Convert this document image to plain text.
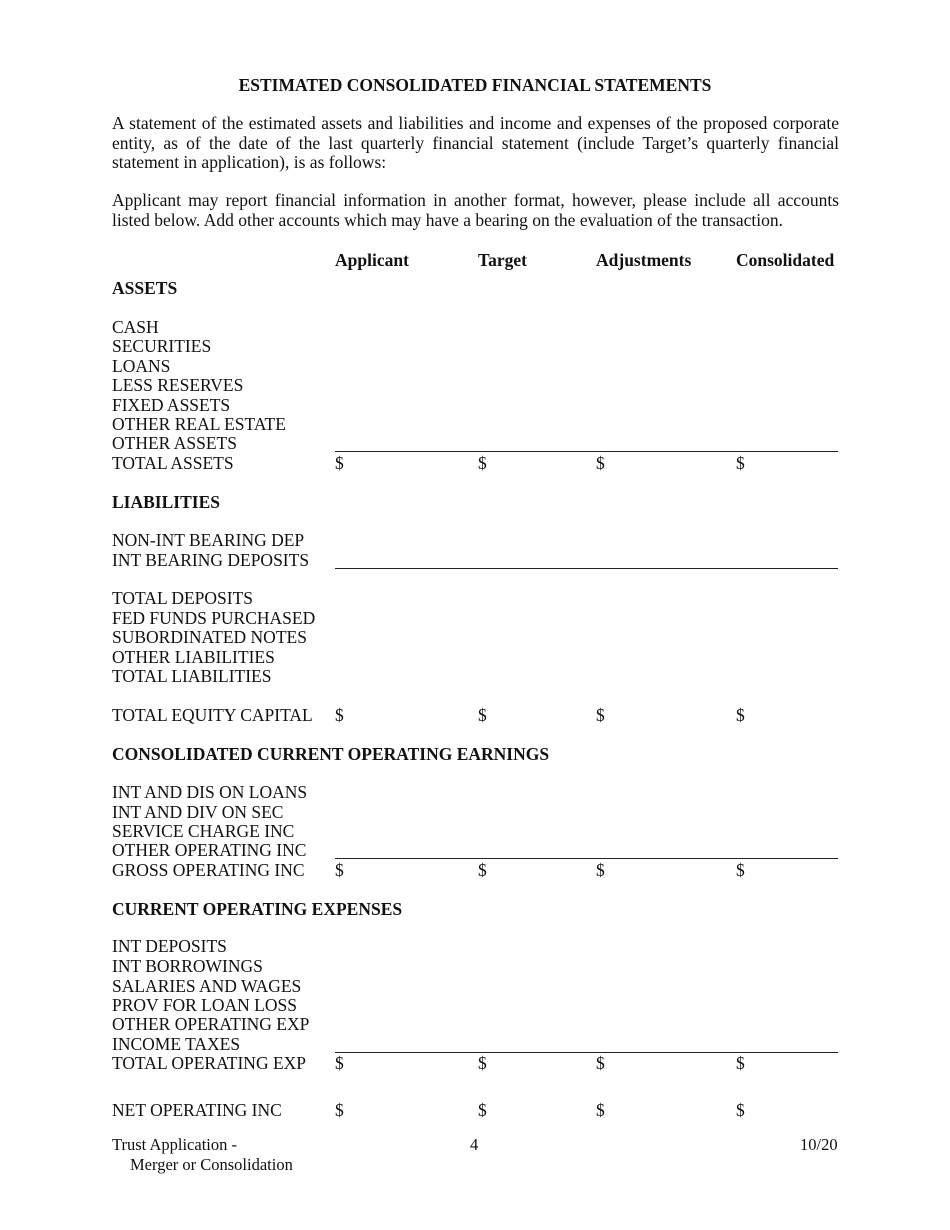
ESTIMATED CONSOLIDATED FINANCIAL STATEMENTS
A statement of the estimated assets and liabilities and income and expenses of the proposed corporate entity, as of the date of the last quarterly financial statement (include Target’s quarterly financial statement in application), is as follows:
Applicant may report financial information in another format, however, please include all accounts listed below. Add other accounts which may have a bearing on the evaluation of the transaction.
Applicant	Target	Adjustments	Consolidated
ASSETS
CASH
SECURITIES
LOANS
LESS RESERVES
FIXED ASSETS
OTHER REAL ESTATE
OTHER ASSETS
TOTAL ASSETS	$	$	$	$
LIABILITIES
NON-INT BEARING DEP
INT BEARING DEPOSITS
TOTAL DEPOSITS
FED FUNDS PURCHASED
SUBORDINATED NOTES
OTHER LIABILITIES
TOTAL LIABILITIES
TOTAL EQUITY CAPITAL $	$	$	$
CONSOLIDATED CURRENT OPERATING EARNINGS
INT AND DIS ON LOANS
INT AND DIV ON SEC
SERVICE CHARGE INC
OTHER OPERATING INC
GROSS OPERATING INC $	$	$	$
CURRENT OPERATING EXPENSES
INT DEPOSITS
INT BORROWINGS
SALARIES AND WAGES
PROV FOR LOAN LOSS
OTHER OPERATING EXP
INCOME TAXES
TOTAL OPERATING EXP $	$	$	$
NET OPERATING INC	$	$	$	$
Trust Application -
Merger or Consolidation
4	10/20
